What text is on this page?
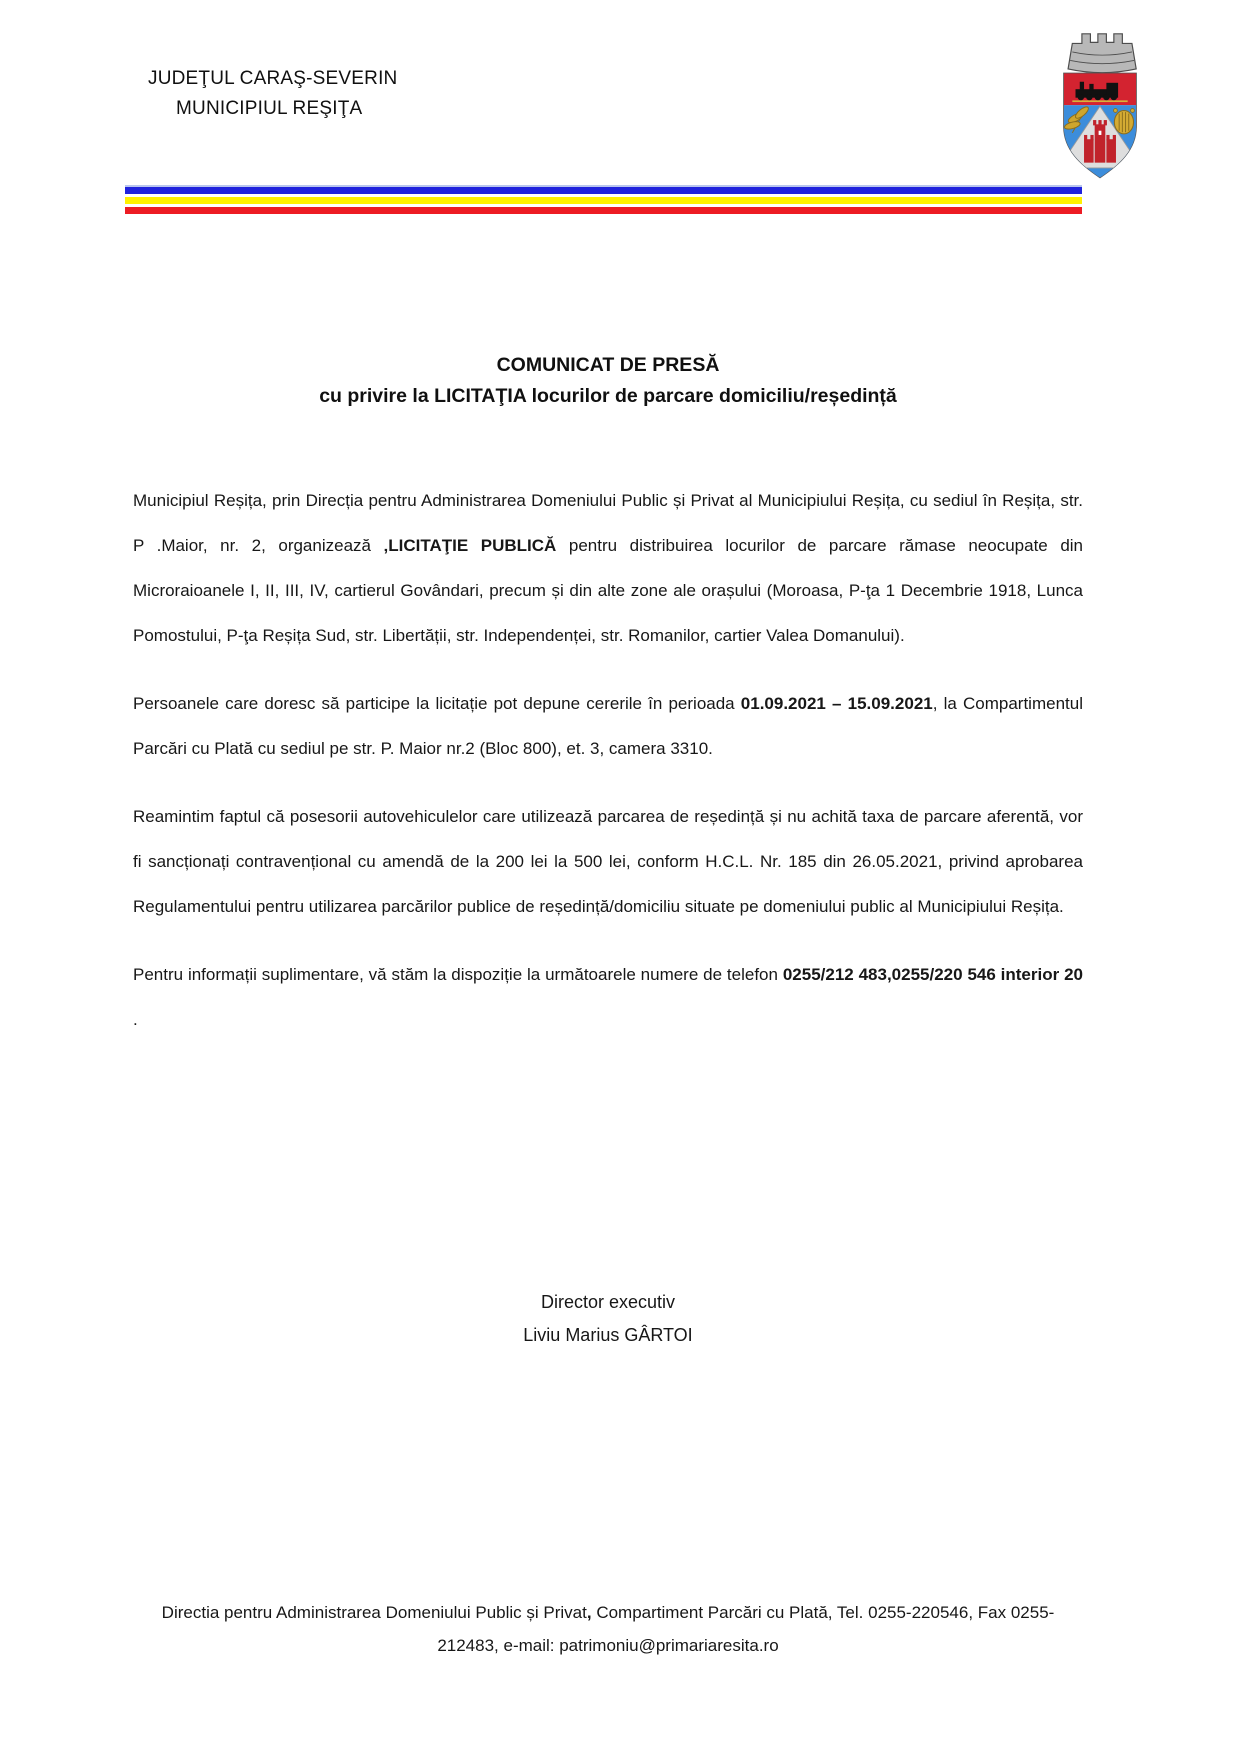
JUDEŢUL CARAŞ-SEVERIN
MUNICIPIUL REŞIŢA
COMUNICAT DE PRESĂ
cu privire la LICITAŢIA locurilor de parcare domiciliu/reședință

Municipiul Reșița, prin Direcția pentru Administrarea Domeniului Public și Privat al Municipiului Reșița, cu sediul în Reșița, str. P .Maior, nr. 2, organizează ‚LICITAŢIE PUBLICĂ pentru distribuirea locurilor de parcare rămase neocupate din Microraioanele I, II, III, IV, cartierul Govândari, precum și din alte zone ale orașului (Moroasa, P-ţa 1 Decembrie 1918, Lunca Pomostului, P-ţa Reșița Sud, str. Libertății, str. Independenței, str. Romanilor, cartier Valea Domanului).

Persoanele care doresc să participe la licitație pot depune cererile în perioada 01.09.2021 – 15.09.2021, la Compartimentul Parcări cu Plată cu sediul pe str. P. Maior nr.2 (Bloc 800), et. 3, camera 3310.

Reamintim faptul că posesorii autovehiculelor care utilizează parcarea de reședință și nu achită taxa de parcare aferentă, vor fi sancționați contravențional cu amendă de la 200 lei la 500 lei, conform H.C.L. Nr. 185 din 26.05.2021, privind aprobarea Regulamentului pentru utilizarea parcărilor publice de reședință/domiciliu situate pe domeniului public al Municipiului Reșița.

Pentru informații suplimentare, vă stăm la dispoziție la următoarele numere de telefon 0255/212 483,0255/220 546 interior 20 .

Director executiv
Liviu Marius GÂRTOI
Directia pentru Administrarea Domeniului Public și Privat, Compartiment Parcări cu Plată, Tel. 0255-220546, Fax 0255-212483, e-mail: patrimoniu@primariaresita.ro
